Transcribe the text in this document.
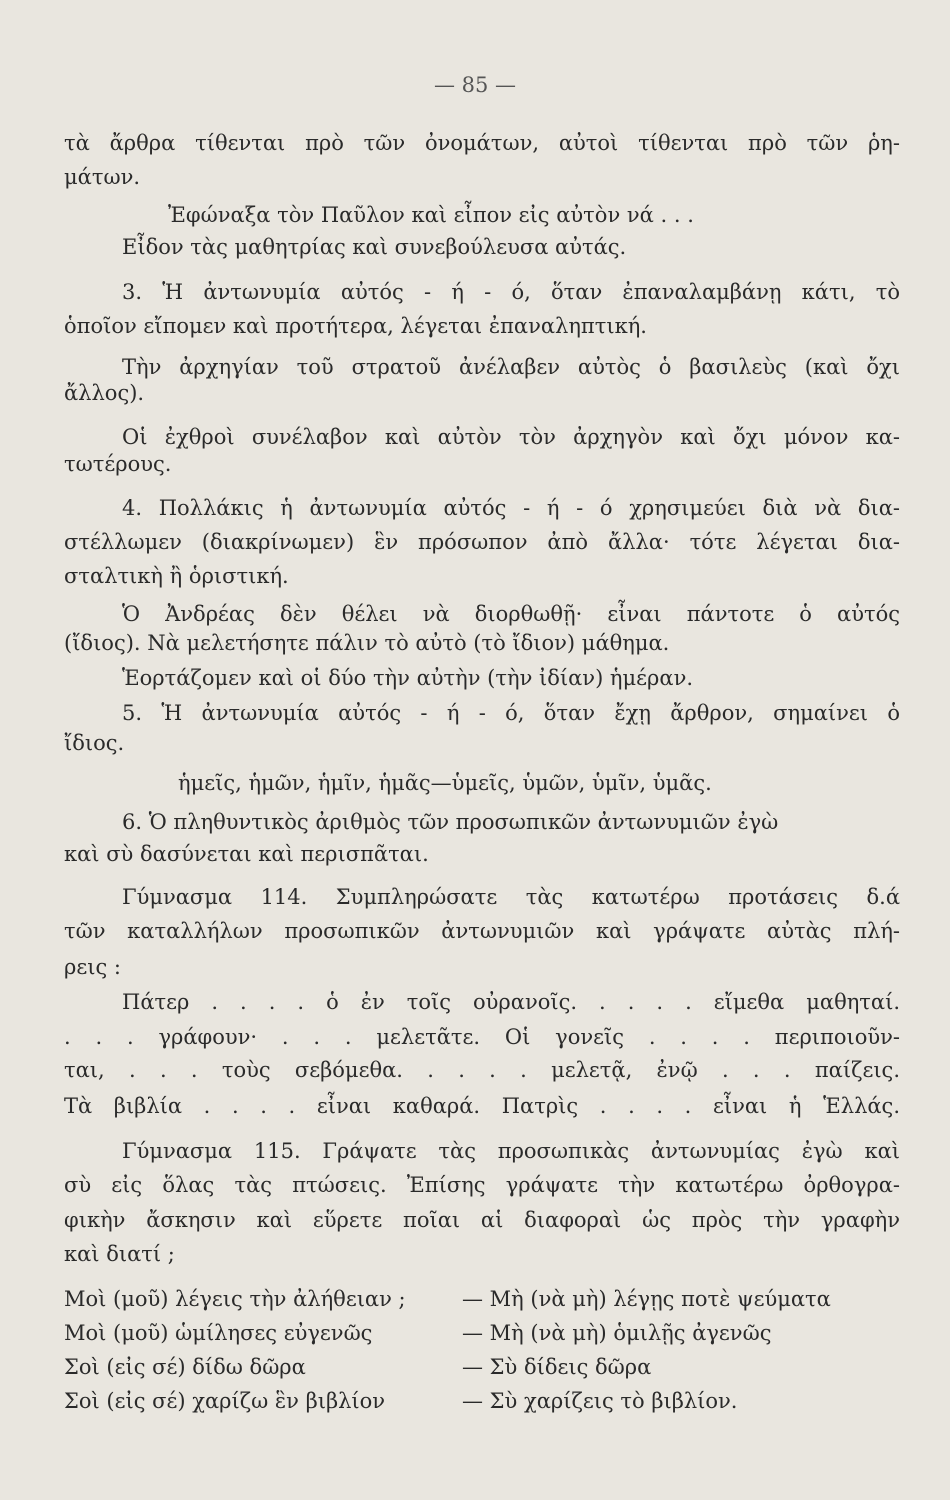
— 85 —
τὰ ἄρθρα τίθενται πρὸ τῶν ὀνομάτων, αὐτοὶ τίθενται πρὸ τῶν ῥη-
μάτων.
Ἐφώναξα τὸν Παῦλον καὶ εἶπον εἰς αὐτὸν νά . . .
Εἶδον τὰς μαθητρίας καὶ συνεβούλευσα αὐτάς.
3. Ἡ ἀντωνυμία αὐτός - ή - ό, ὅταν ἐπαναλαμβάνῃ κάτι, τὸ
ὁποῖον εἴπομεν καὶ προτήτερα, λέγεται ἐπαναληπτική.
Τὴν ἀρχηγίαν τοῦ στρατοῦ ἀνέλαβεν αὐτὸς ὁ βασιλεὺς (καὶ ὄχι
ἄλλος).
Οἱ ἐχθροὶ συνέλαβον καὶ αὐτὸν τὸν ἀρχηγὸν καὶ ὄχι μόνον κα-
τωτέρους.
4. Πολλάκις ἡ ἀντωνυμία αὐτός - ή - ό χρησιμεύει διὰ νὰ δια-
στέλλωμεν (διακρίνωμεν) ἓν πρόσωπον ἀπὸ ἄλλα· τότε λέγεται δια-
σταλτικὴ ἢ ὁριστική.
Ὁ Ἀνδρέας δὲν θέλει νὰ διορθωθῇ· εἶναι πάντοτε ὁ αὐτός
(ἴδιος). Νὰ μελετήσητε πάλιν τὸ αὐτὸ (τὸ ἴδιον) μάθημα.
Ἑορτάζομεν καὶ οἱ δύο τὴν αὐτὴν (τὴν ἰδίαν) ἡμέραν.
5. Ἡ ἀντωνυμία αὐτός - ή - ό, ὅταν ἔχῃ ἄρθρον, σημαίνει ὁ
ἴδιος.
ἡμεῖς, ἡμῶν, ἡμῖν, ἡμᾶς—ὑμεῖς, ὑμῶν, ὑμῖν, ὑμᾶς.
6. Ὁ πληθυντικὸς ἀριθμὸς τῶν προσωπικῶν ἀντωνυμιῶν ἐγὼ
καὶ σὺ δασύνεται καὶ περισπᾶται.
Γύμνασμα 114. Συμπληρώσατε τὰς κατωτέρω προτάσεις δ.ά
τῶν καταλλήλων προσωπικῶν ἀντωνυμιῶν καὶ γράψατε αὐτὰς πλή-
ρεις :
Πάτερ . . . . ὁ ἐν τοῖς οὐρανοῖς. . . . . εἴμεθα μαθηταί.
. . . γράφουν· . . . μελετᾶτε. Οἱ γονεῖς . . . . περιποιοῦν-
ται, . . . τοὺς σεβόμεθα. . . . . μελετᾷ, ἐνῷ . . . παίζεις.
Τὰ βιβλία . . . . εἶναι καθαρά. Πατρὶς . . . . εἶναι ἡ Ἑλλάς.
Γύμνασμα 115. Γράψατε τὰς προσωπικὰς ἀντωνυμίας ἐγὼ καὶ
σὺ εἰς ὅλας τὰς πτώσεις. Ἐπίσης γράψατε τὴν κατωτέρω ὀρθογρα-
φικὴν ἄσκησιν καὶ εὕρετε ποῖαι αἱ διαφοραὶ ὡς πρὸς τὴν γραφὴν
καὶ διατί ;
Μοὶ (μοῦ) λέγεις τὴν ἀλήθειαν ;	— Μὴ (νὰ μὴ) λέγῃς ποτὲ ψεύματα
Μοὶ (μοῦ) ὡμίλησες εὐγενῶς	— Μὴ (νὰ μὴ) ὁμιλῇς ἀγενῶς
Σοὶ (εἰς σέ) δίδω δῶρα	— Σὺ δίδεις δῶρα
Σοὶ (εἰς σέ) χαρίζω ἓν βιβλίον	— Σὺ χαρίζεις τὸ βιβλίον.
